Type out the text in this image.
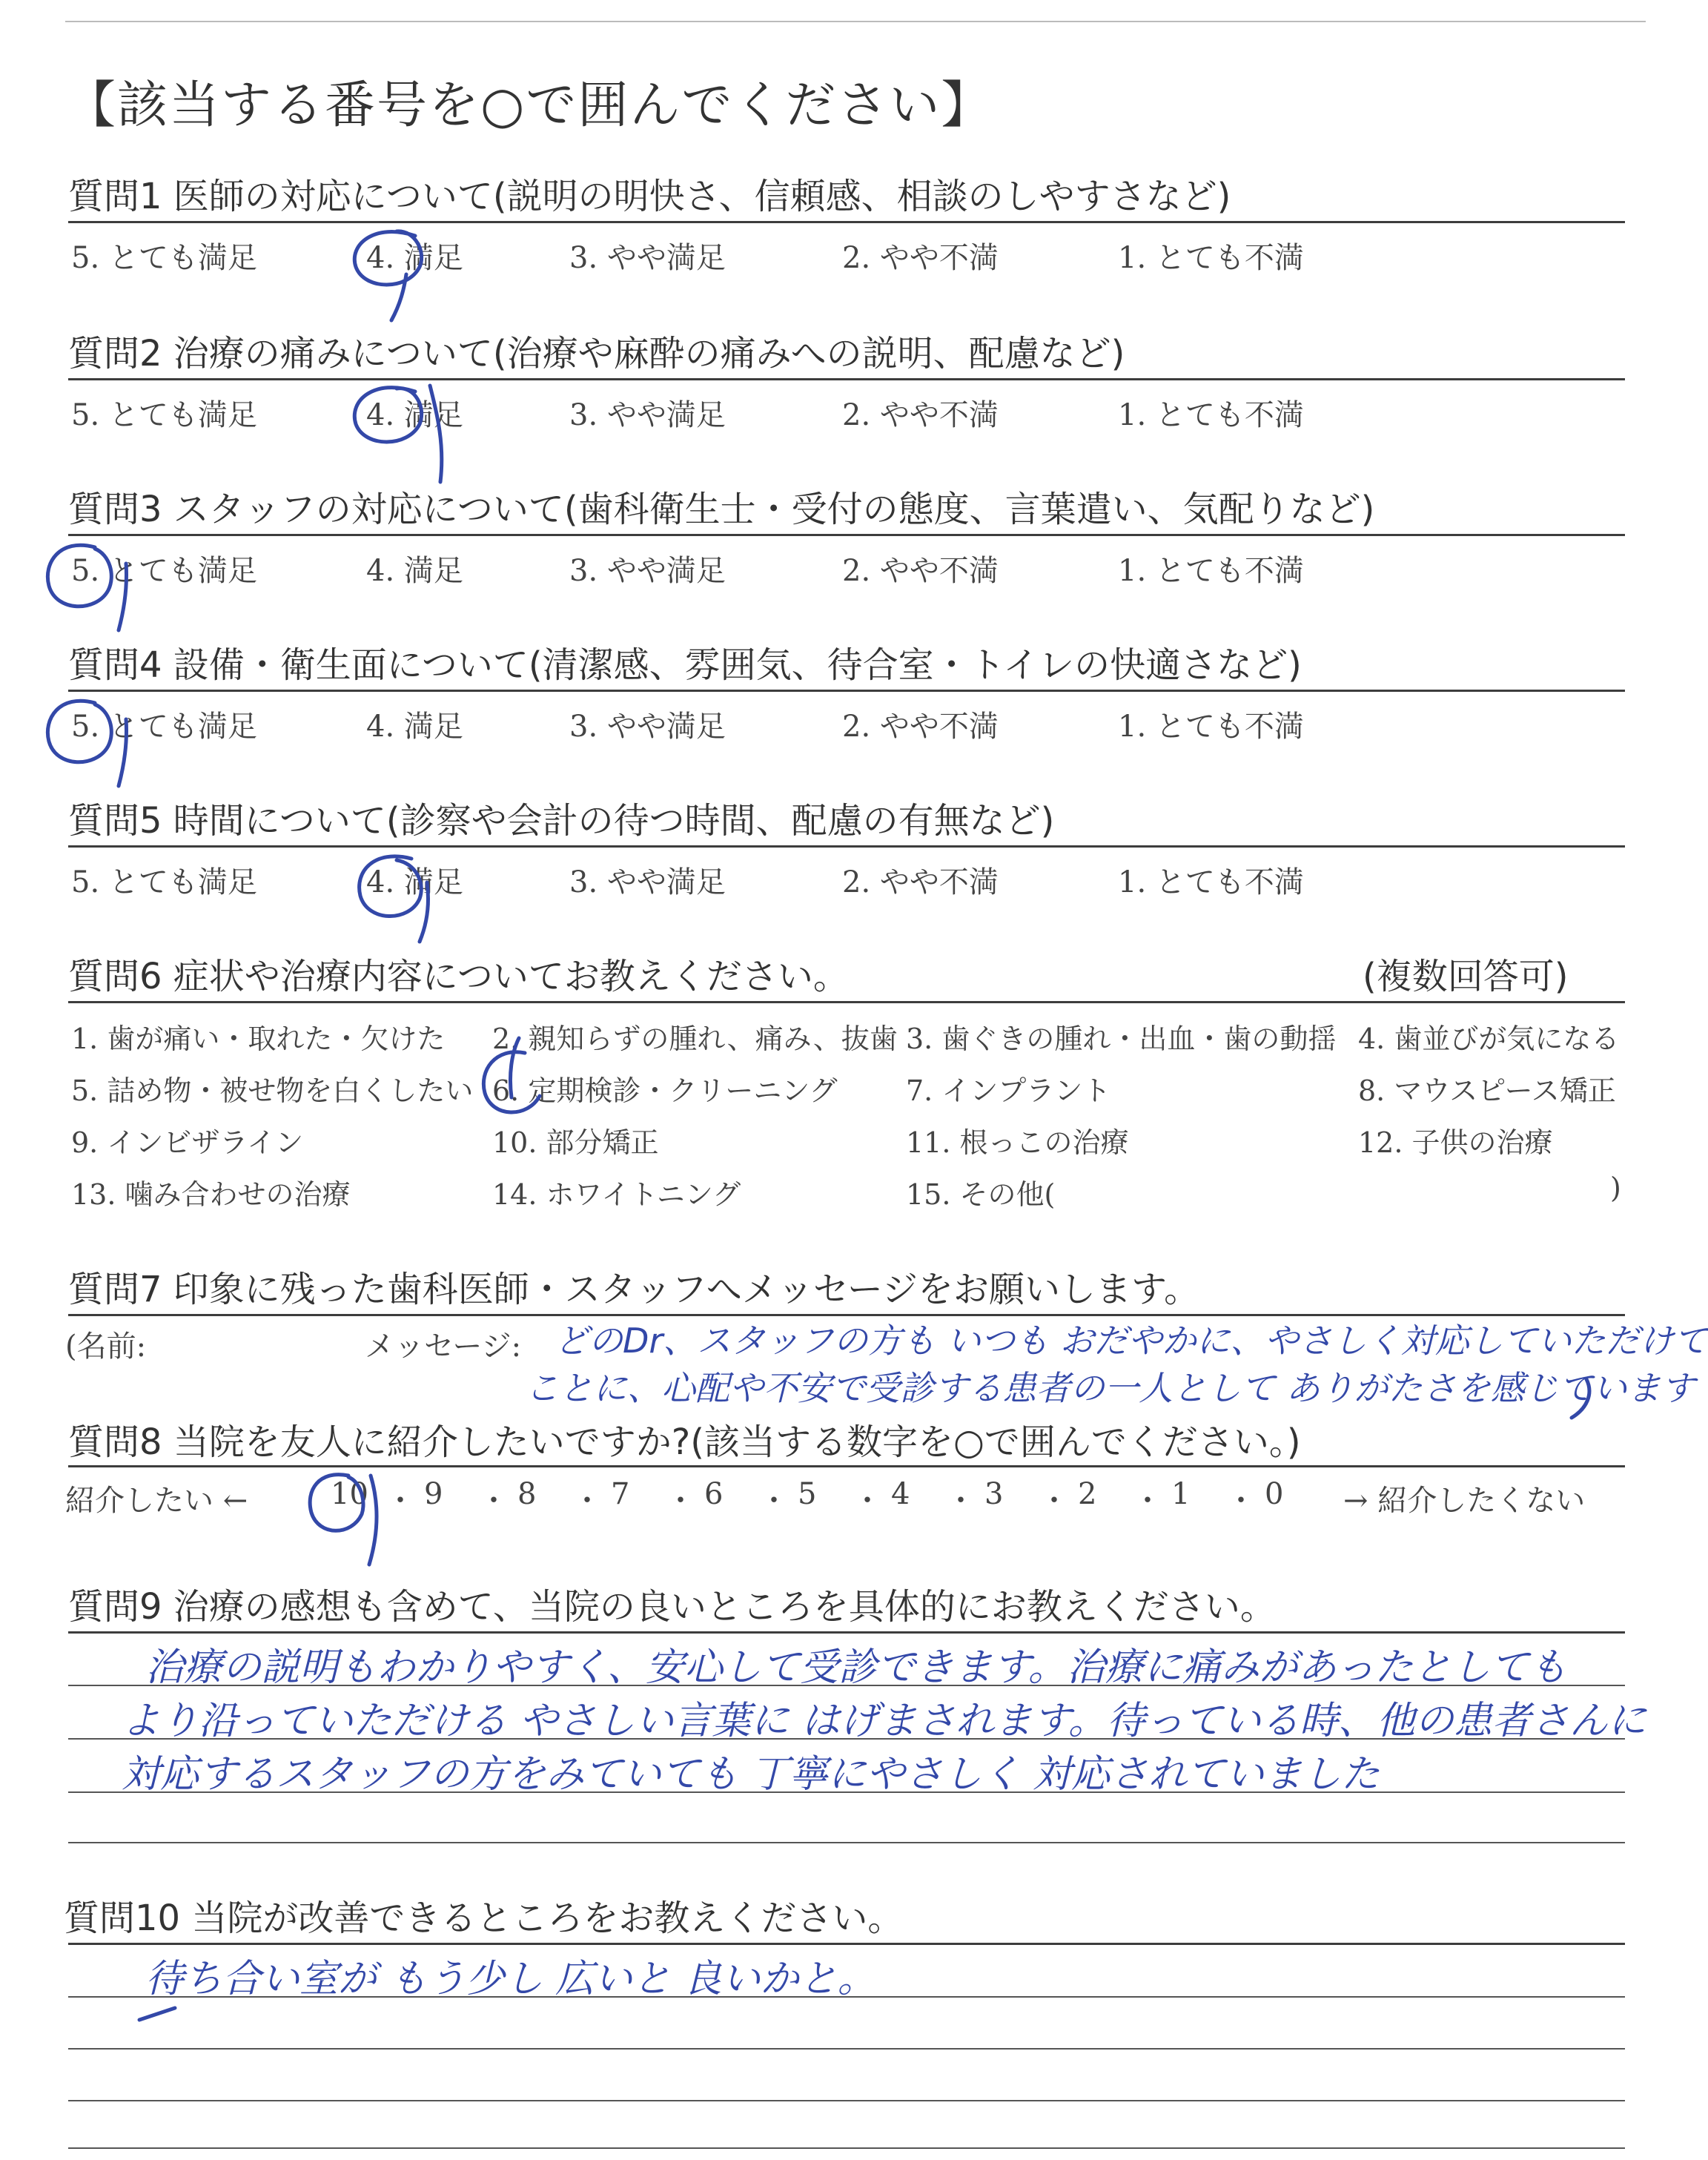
【該当する番号を○で囲んでください】
質問1 医師の対応について(説明の明快さ、信頼感、相談のしやすさなど)
5. とても満足	4. 満足	3. やや満足	2. やや不満	1. とても不満
質問2 治療の痛みについて(治療や麻酔の痛みへの説明、配慮など)
5. とても満足	4. 満足	3. やや満足	2. やや不満	1. とても不満
質問3 スタッフの対応について(歯科衛生士・受付の態度、言葉遣い、気配りなど)
5. とても満足	4. 満足	3. やや満足	2. やや不満	1. とても不満
質問4 設備・衛生面について(清潔感、雰囲気、待合室・トイレの快適さなど)
5. とても満足	4. 満足	3. やや満足	2. やや不満	1. とても不満
質問5 時間について(診察や会計の待つ時間、配慮の有無など)
5. とても満足	4. 満足	3. やや満足	2. やや不満	1. とても不満
質問6 症状や治療内容についてお教えください。	(複数回答可)
1. 歯が痛い・取れた・欠けた 2. 親知らずの腫れ、痛み、抜歯 3. 歯ぐきの腫れ・出血・歯の動揺 4. 歯並びが気になる
5. 詰め物・被せ物を白くしたい 6. 定期検診・クリーニング 7. インプラント	8. マウスピース矯正
9. インビザライン	10. 部分矯正	11. 根っこの治療	12. 子供の治療
13. 噛み合わせの治療	14. ホワイトニング	15. その他(	)
質問7 印象に残った歯科医師・スタッフへメッセージをお願いします。
(名前:	メッセージ: どのDr、スタッフの方も いつも おだやかに、やさしく対応していただけて
ことに、心配や不安で受診する患者の一人として ありがたさを感じています
質問8 当院を友人に紹介したいですか?(該当する数字を○で囲んでください。)
紹介したい ←	→ 紹介したくない
10 ・ 9 ・ 8 ・ 7 ・ 6 ・ 5 ・ 4 ・ 3 ・ 2 ・ 1 ・ 0
質問9 治療の感想も含めて、当院の良いところを具体的にお教えください。
治療の説明もわかりやすく、安心して受診できます。治療に痛みがあったとしても
より沿っていただける やさしい言葉に はげまされます。待っている時、他の患者さんに
対応するスタッフの方をみていても 丁寧にやさしく 対応されていました
質問10 当院が改善できるところをお教えください。
待ち合い室が もう少し 広いと 良いかと。
